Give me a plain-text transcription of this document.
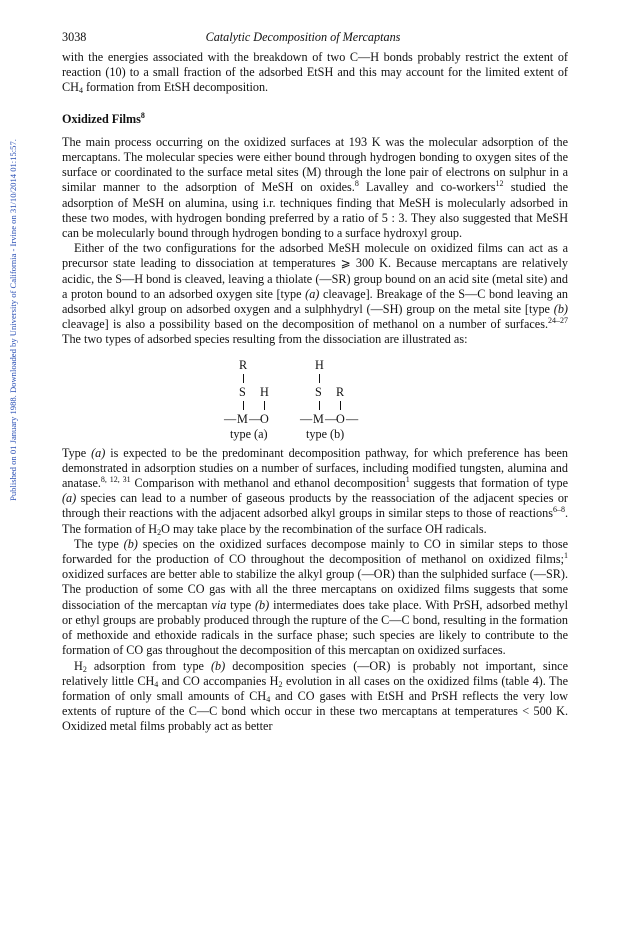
Published on 01 January 1988. Downloaded by University of California - Irvine on 31/10/2014 01:15:57.
3038	Catalytic Decomposition of Mercaptans

with the energies associated with the breakdown of two C—H bonds probably restrict the extent of reaction (10) to a small fraction of the adsorbed EtSH and this may account for the limited extent of $CH_4$ formation from EtSH decomposition.

Oxidized Films$^8$

The main process occurring on the oxidized surfaces at 193 K was the molecular adsorption of the mercaptans. The molecular species were either bound through hydrogen bonding to oxygen sites of the surface or coordinated to the surface metal sites (M) through the lone pair of electrons on sulphur in a similar manner to the adsorption of MeSH on oxides.$^8$ Lavalley and co-workers$^{12}$ studied the adsorption of MeSH on alumina, using i.r. techniques finding that MeSH is molecularly adsorbed in these two modes, with hydrogen bonding preferred by a ratio of 5 : 3. They also suggested that MeSH can be molecularly bound through hydrogen bonding to a surface hydroxyl group.

Either of the two configurations for the adsorbed MeSH molecule on oxidized films can act as a precursor state leading to dissociation at temperatures ⩾ 300 K. Because mercaptans are relatively acidic, the S—H bond is cleaved, leaving a thiolate (—SR) group bound on an acid site (metal site) and a proton bound to an adsorbed oxygen site [type (a) cleavage]. Breakage of the S—C bond leaving an adsorbed alkyl group on adsorbed oxygen and a sulphhydryl (—SH) group on the metal site [type (b) cleavage] is also a possibility based on the decomposition of methanol on a number of surfaces.$^{24-27}$ The two types of adsorbed species resulting from the dissociation are illustrated as:

R
S H
— M —
O
type (a)
H
S R
— M —
O —
type (b)

Type (a) is expected to be the predominant decomposition pathway, for which preference has been demonstrated in adsorption studies on a number of surfaces, including modified tungsten, alumina and anatase.$^{8, 12, 31}$ Comparison with methanol and ethanol decomposition$^1$ suggests that formation of type (a) species can lead to a number of gaseous products by the reassociation of the adjacent species or through their reactions with the adjacent adsorbed alkyl groups in similar steps to those of reactions$^{6-8}$. The formation of $H_2O$ may take place by the recombination of the surface OH radicals.

The type (b) species on the oxidized surfaces decompose mainly to CO in similar steps to those forwarded for the production of CO throughout the decomposition of methanol on oxidized films;$^1$ oxidized surfaces are better able to stabilize the alkyl group (—OR) than the sulphided surface (—SR). The production of some CO gas with all the three mercaptans on oxidized films suggests that some dissociation of the mercaptan via type (b) intermediates does take place. With PrSH, adsorbed methyl or ethyl groups are probably produced through the rupture of the C—C bond, resulting in the formation of methoxide and ethoxide radicals in the surface phase; such species are likely to contribute to the formation of CO gas throughout the decomposition of this mercaptan on oxidized surfaces.

$H_2$ adsorption from type (b) decomposition species (—OR) is probably not important, since relatively little $CH_4$ and CO accompanies $H_2$ evolution in all cases on the oxidized films (table 4). The formation of only small amounts of $CH_4$ and CO gases with EtSH and PrSH reflects the very low extents of rupture of the C—C bond which occur in these two mercaptans at temperatures < 500 K. Oxidized metal films probably act as better
